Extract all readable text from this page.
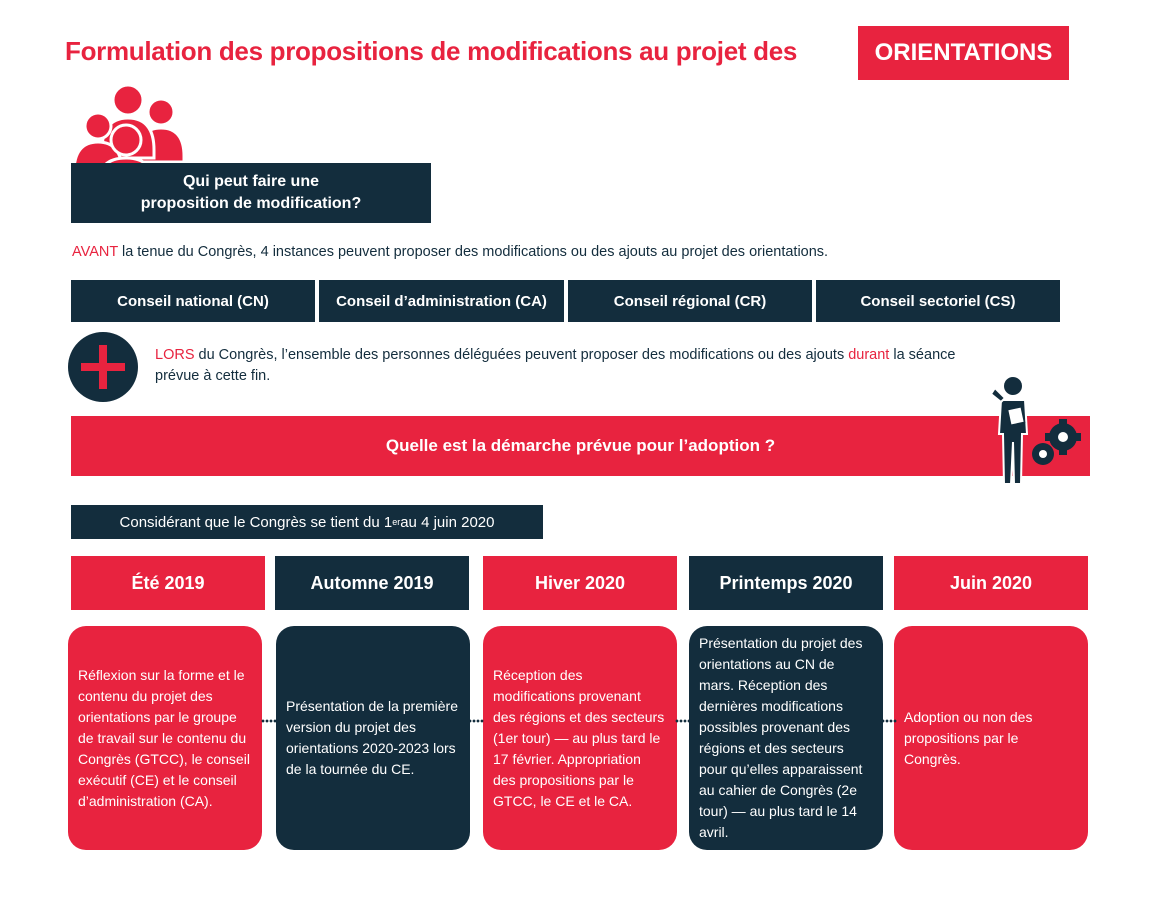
Formulation des propositions de modifications au projet des	ORIENTATIONS
Qui peut faire une
proposition de modification?
AVANT la tenue du Congrès, 4 instances peuvent proposer des modifications ou des ajouts au projet des orientations.
Conseil national (CN)	Conseil d’administration (CA)	Conseil régional (CR)	Conseil sectoriel (CS)
LORS du Congrès, l’ensemble des personnes déléguées peuvent proposer des modifications ou des ajouts durant la séance prévue à cette fin.
Quelle est la démarche prévue pour l’adoption ?
Considérant que le Congrès se tient du 1 er au 4 juin 2020
Été 2019	Automne 2019	Hiver 2020	Printemps 2020	Juin 2020
Réflexion sur la forme et le contenu du projet des orientations par le groupe de travail sur le contenu du Congrès (GTCC), le conseil exécutif (CE) et le conseil d’administration (CA).
Présentation de la première version du projet des orientations 2020-2023 lors de la tournée du CE.
Réception des modifications provenant des régions et des secteurs (1er tour) — au plus tard le 17 février. Appropriation des propositions par le GTCC, le CE et le CA.
Présentation du projet des orientations au CN de mars. Réception des dernières modifications possibles provenant des régions et des secteurs pour qu’elles apparaissent au cahier de Congrès (2e tour) — au plus tard le 14 avril.
Adoption ou non des propositions par le Congrès.
